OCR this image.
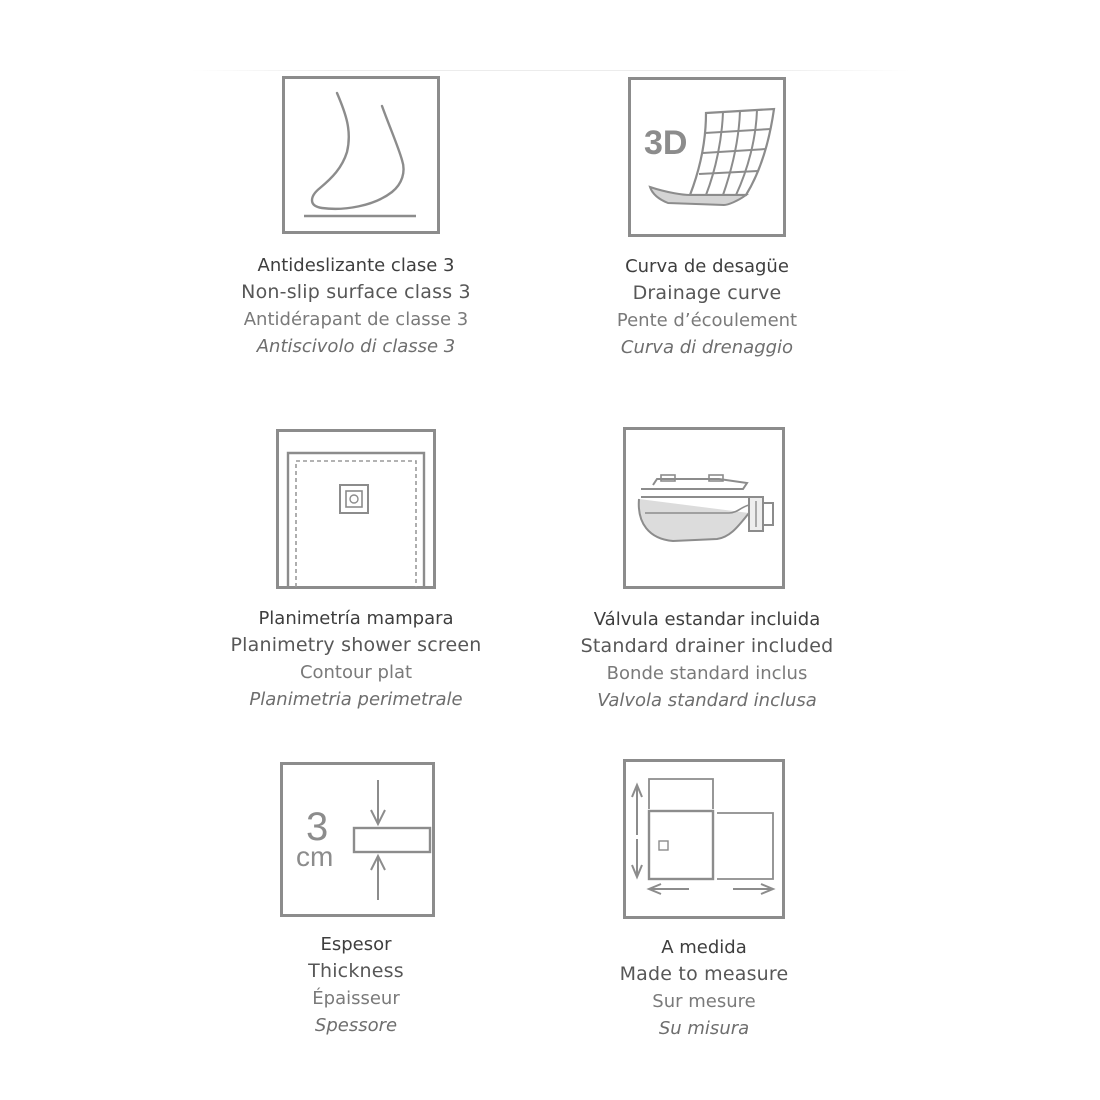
Antideslizante clase 3
Non-slip surface class 3
Antidérapant de classe 3
Antiscivolo di classe 3
3D
Curva de desagüe
Drainage curve
Pente d’écoulement
Curva di drenaggio
Planimetría mampara
Planimetry shower screen
Contour plat
Planimetria perimetrale
Válvula estandar incluida
Standard drainer included
Bonde standard inclus
Valvola standard inclusa
3
cm
Espesor
Thickness
Épaisseur
Spessore
A medida
Made to measure
Sur mesure
Su misura
